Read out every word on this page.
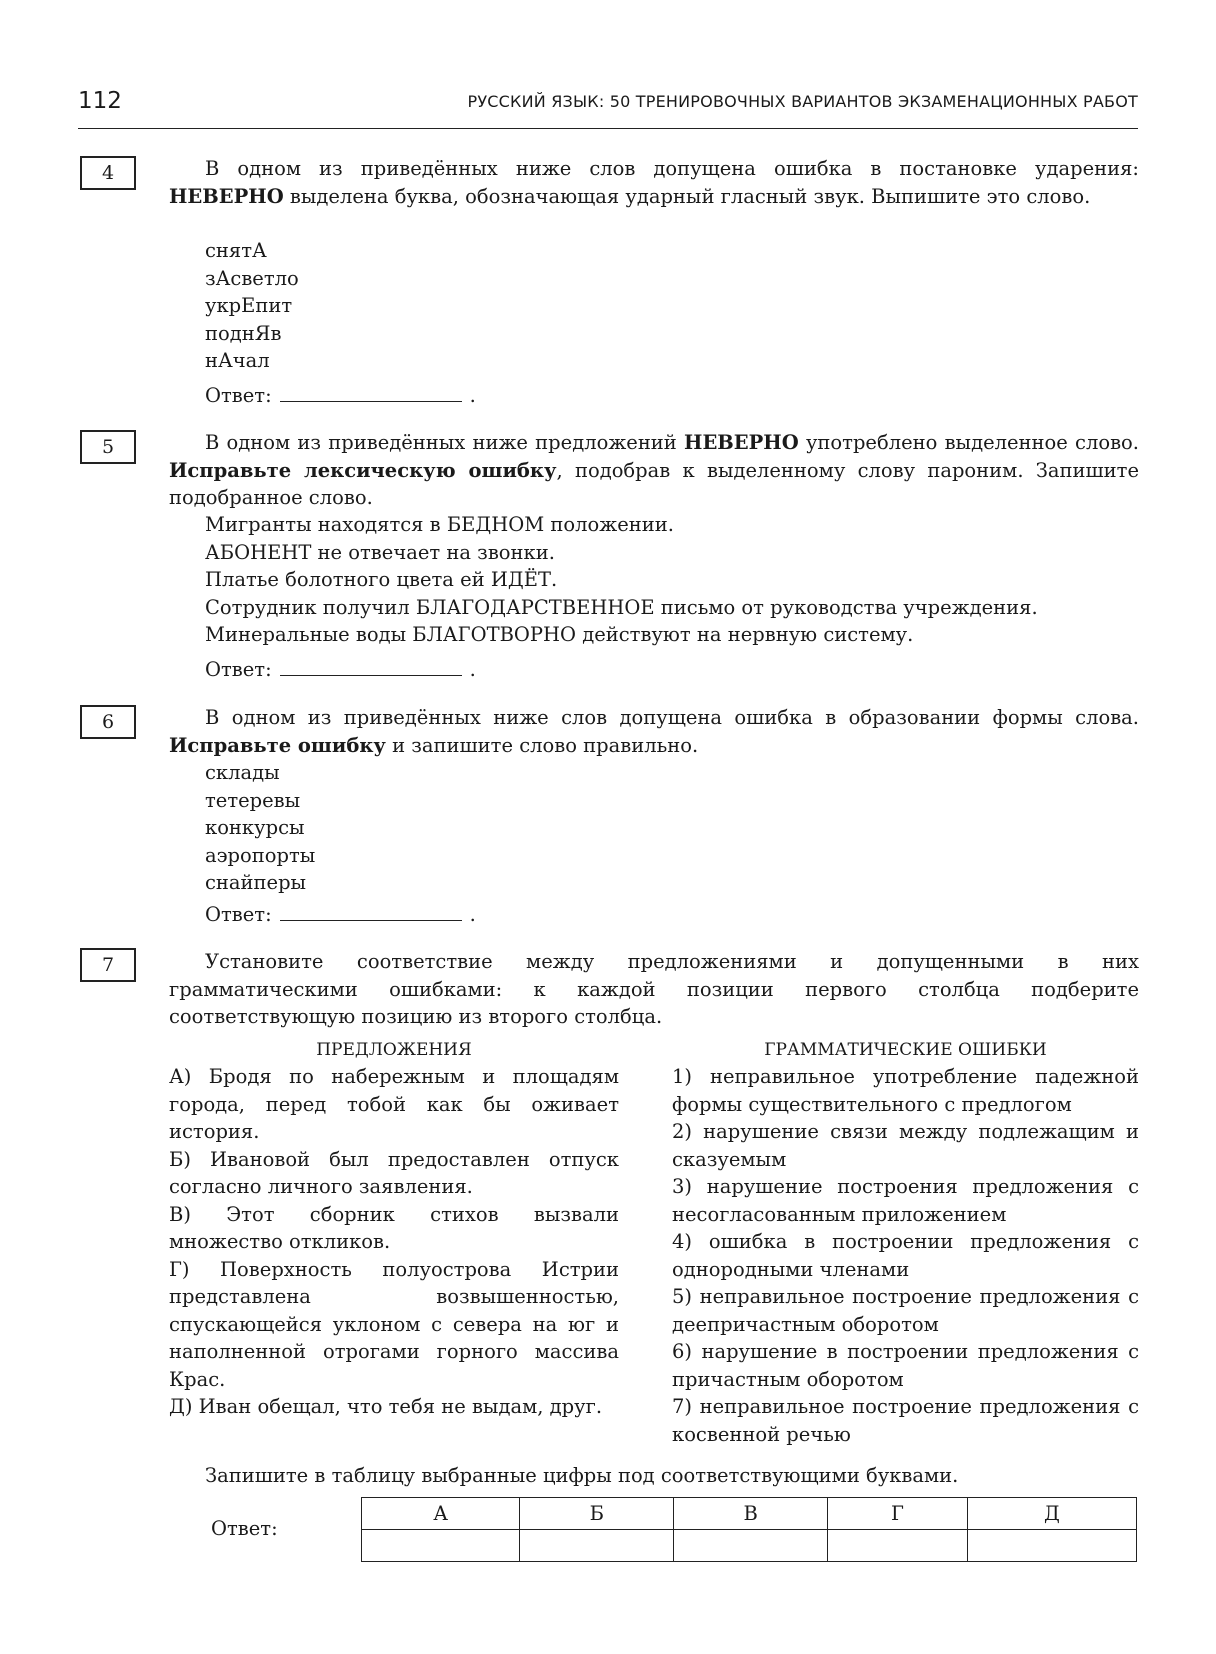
112	РУССКИЙ ЯЗЫК: 50 ТРЕНИРОВОЧНЫХ ВАРИАНТОВ ЭКЗАМЕНАЦИОННЫХ РАБОТ
4	В одном из приведённых ниже слов допущена ошибка в постановке ударения: НЕВЕРНО выделена буква, обозначающая ударный гласный звук. Выпишите это слово.
снятА
зАсветло
укрЕпит
поднЯв
нАчал
Ответ:	.
5	В одном из приведённых ниже предложений НЕВЕРНО употреблено выделенное слово. Исправьте лексическую ошибку, подобрав к выделенному слову пароним. Запишите подобранное слово.
Мигранты находятся в БЕДНОМ положении.
АБОНЕНТ не отвечает на звонки.
Платье болотного цвета ей ИДЁТ.
Сотрудник получил БЛАГОДАРСТВЕННОЕ письмо от руководства учреждения.
Минеральные воды БЛАГОТВОРНО действуют на нервную систему.
Ответ:	.
6	В одном из приведённых ниже слов допущена ошибка в образовании формы слова. Исправьте ошибку и запишите слово правильно.
склады
тетеревы
конкурсы
аэропорты
снайперы
Ответ:	.
7	Установите соответствие между предложениями и допущенными в них грамматическими ошибками: к каждой позиции первого столбца подберите соответствующую позицию из второго столбца.
ПРЕДЛОЖЕНИЯ	ГРАММАТИЧЕСКИЕ ОШИБКИ
А) Бродя по набережным и площадям города, перед тобой как бы оживает история.
Б) Ивановой был предоставлен отпуск согласно личного заявления.
В) Этот сборник стихов вызвали множество откликов.
Г) Поверхность полуострова Истрии представлена возвышенностью, спускающейся уклоном с севера на юг и наполненной отрогами горного массива Крас.
Д) Иван обещал, что тебя не выдам, друг.
1) неправильное употребление падежной формы существительного с предлогом
2) нарушение связи между подлежащим и сказуемым
3) нарушение построения предложения с несогласованным приложением
4) ошибка в построении предложения с однородными членами
5) неправильное построение предложения с деепричастным оборотом
6) нарушение в построении предложения с причастным оборотом
7) неправильное построение предложения с косвенной речью
Запишите в таблицу выбранные цифры под соответствующими буквами.
Ответ:
А	Б	В	Г	Д
